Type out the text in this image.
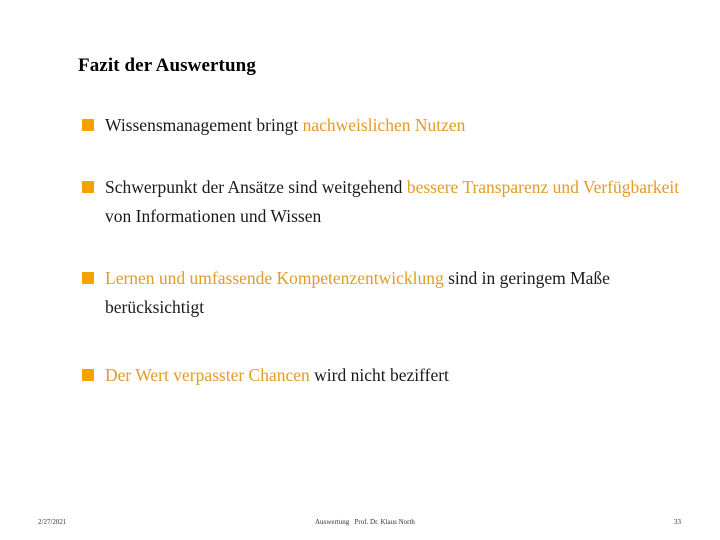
Fazit der Auswertung
Wissensmanagement bringt nachweislichen Nutzen
Schwerpunkt der Ansätze sind weitgehend bessere Transparenz und Verfügbarkeit von Informationen und Wissen
Lernen und umfassende Kompetenzentwicklung sind in geringem Maße berücksichtigt
Der Wert verpasster Chancen wird nicht beziffert
2/27/2021	Auswertung   Prof. Dr. Klaus North	33
